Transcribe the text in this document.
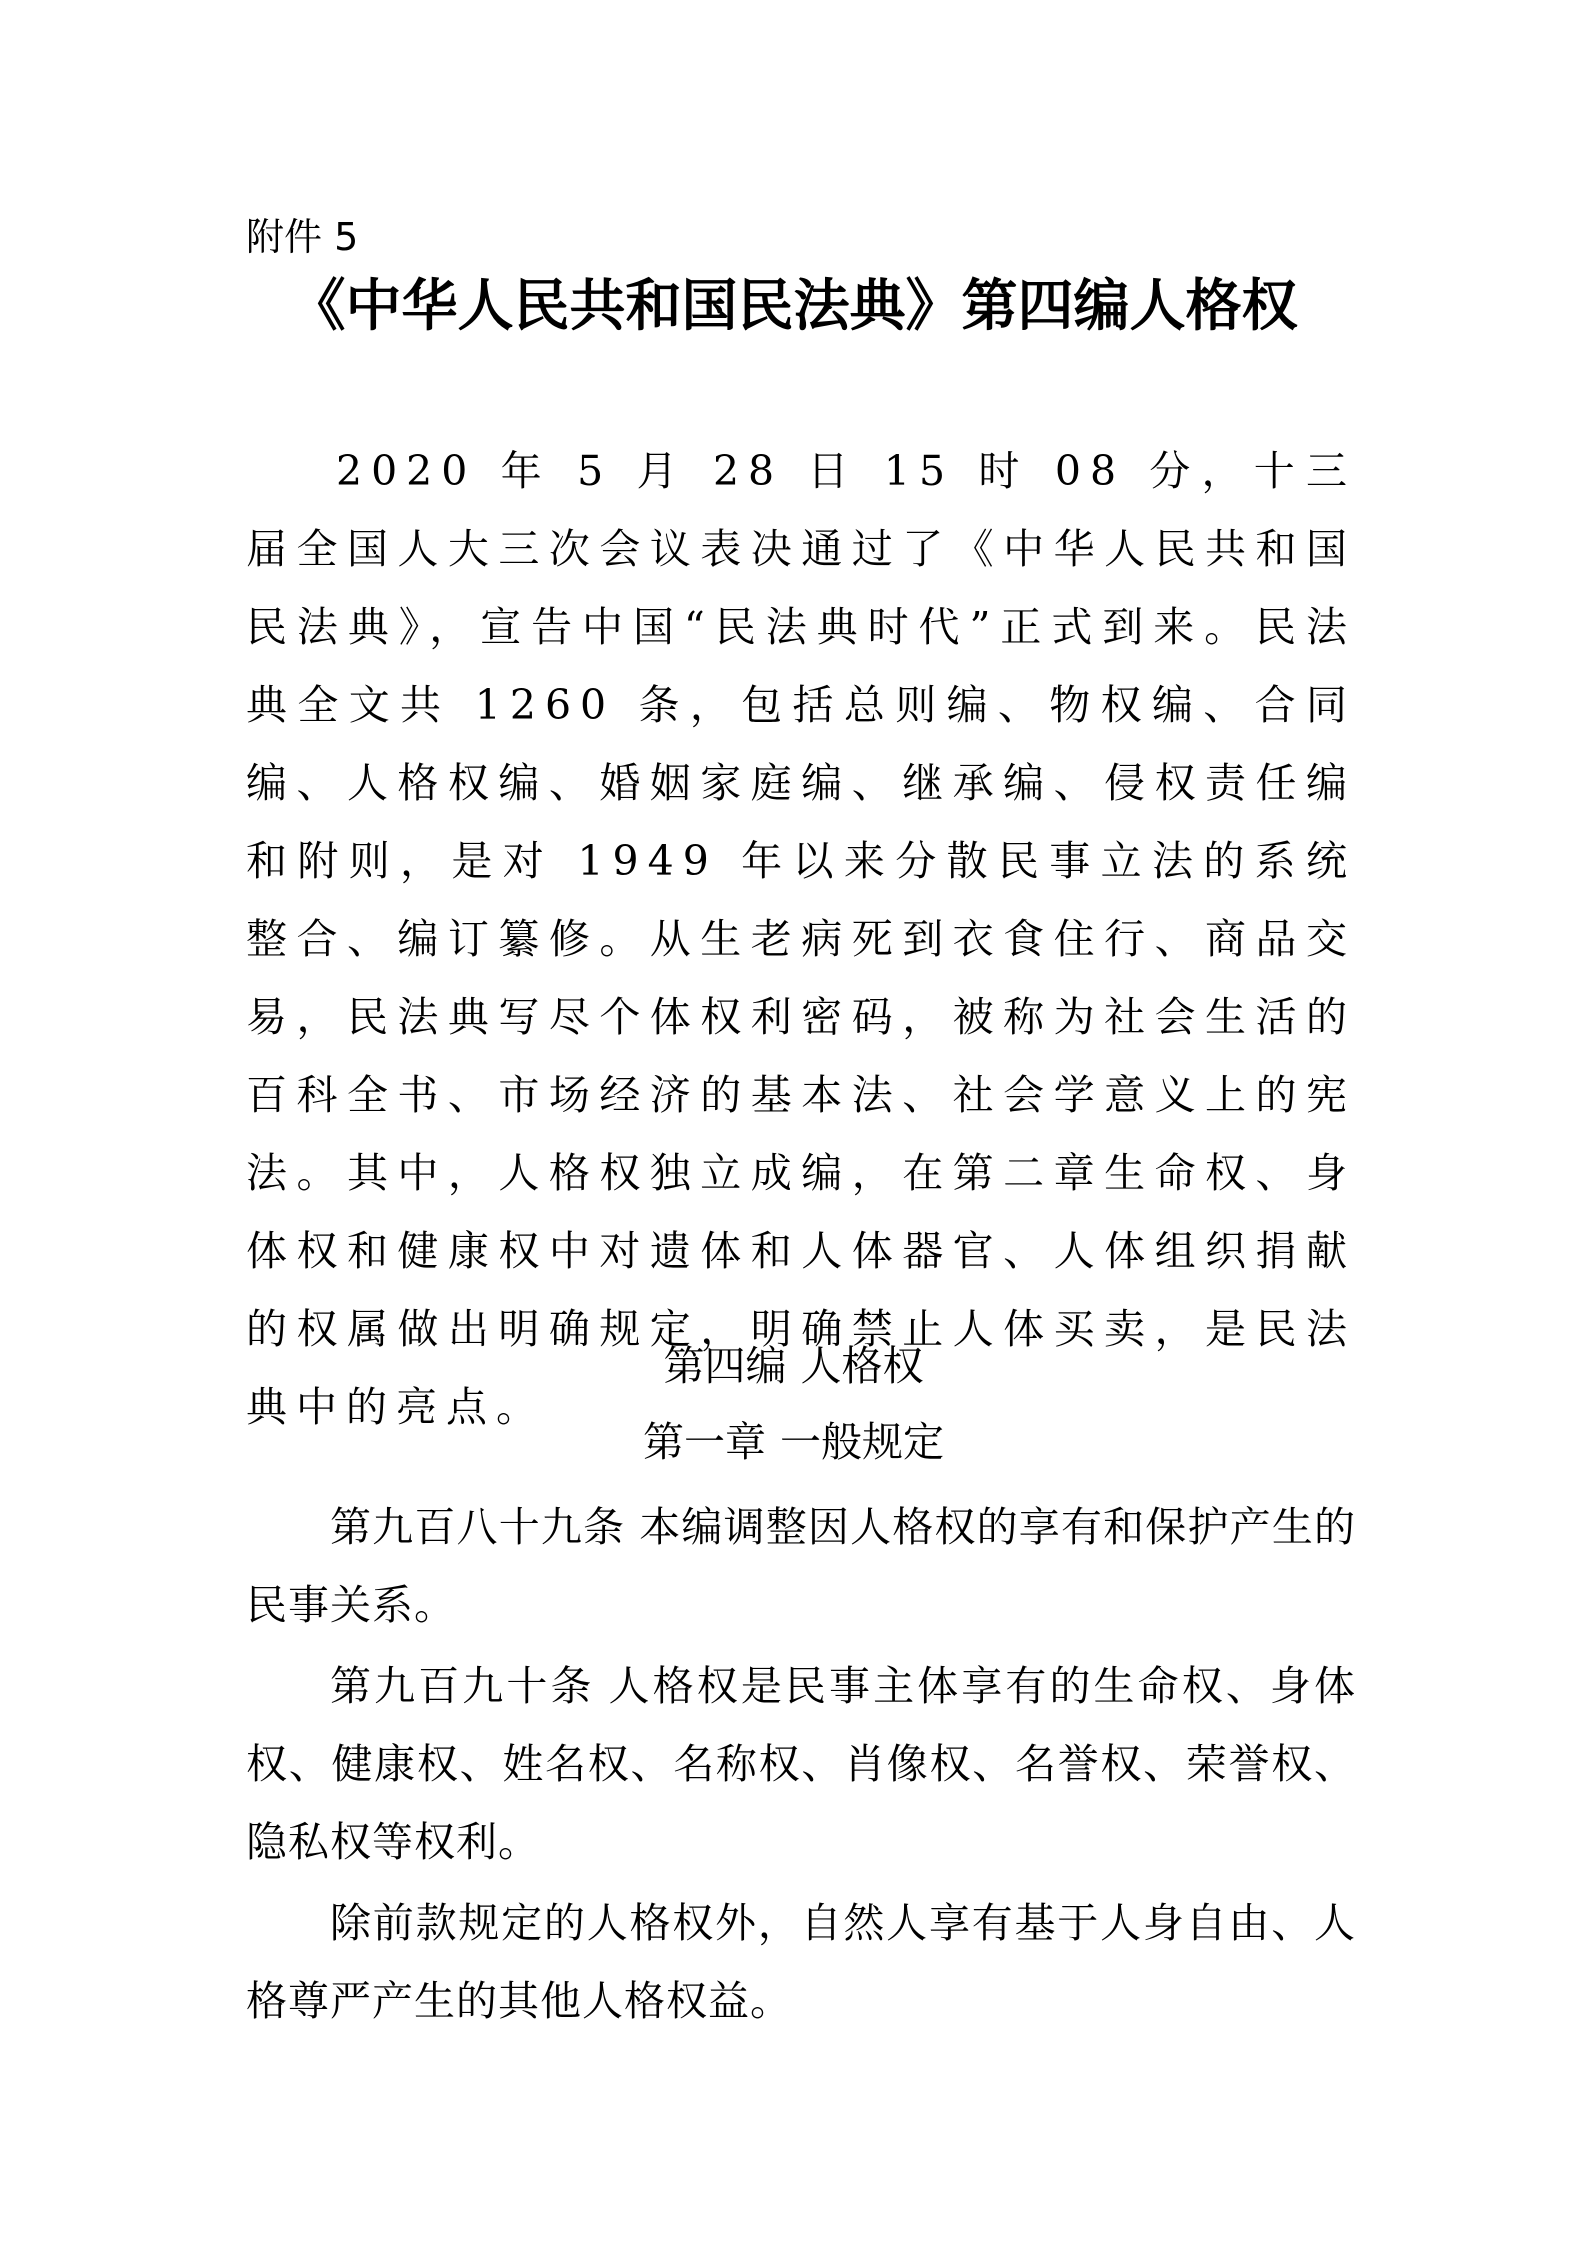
附件 5
《中华人民共和国民法典》第四编人格权

2020 年 5 月 28 日 15 时 08 分，十三届全国人大三次会议表决通过了《中华人民共和国民法典》，宣告中国“民法典时代”正式到来。民法典全文共 1260 条，包括总则编、物权编、合同编、人格权编、婚姻家庭编、继承编、侵权责任编和附则，是对 1949 年以来分散民事立法的系统整合、编订纂修。从生老病死到衣食住行、商品交易，民法典写尽个体权利密码，被称为社会生活的百科全书、市场经济的基本法、社会学意义上的宪法。其中，人格权独立成编，在第二章生命权、身体权和健康权中对遗体和人体器官、人体组织捐献的权属做出明确规定，明确禁止人体买卖，是民法典中的亮点。

第四编 人格权
第一章 一般规定

第九百八十九条 本编调整因人格权的享有和保护产生的民事关系。

第九百九十条 人格权是民事主体享有的生命权、身体权、健康权、姓名权、名称权、肖像权、名誉权、荣誉权、隐私权等权利。

除前款规定的人格权外，自然人享有基于人身自由、人格尊严产生的其他人格权益。
